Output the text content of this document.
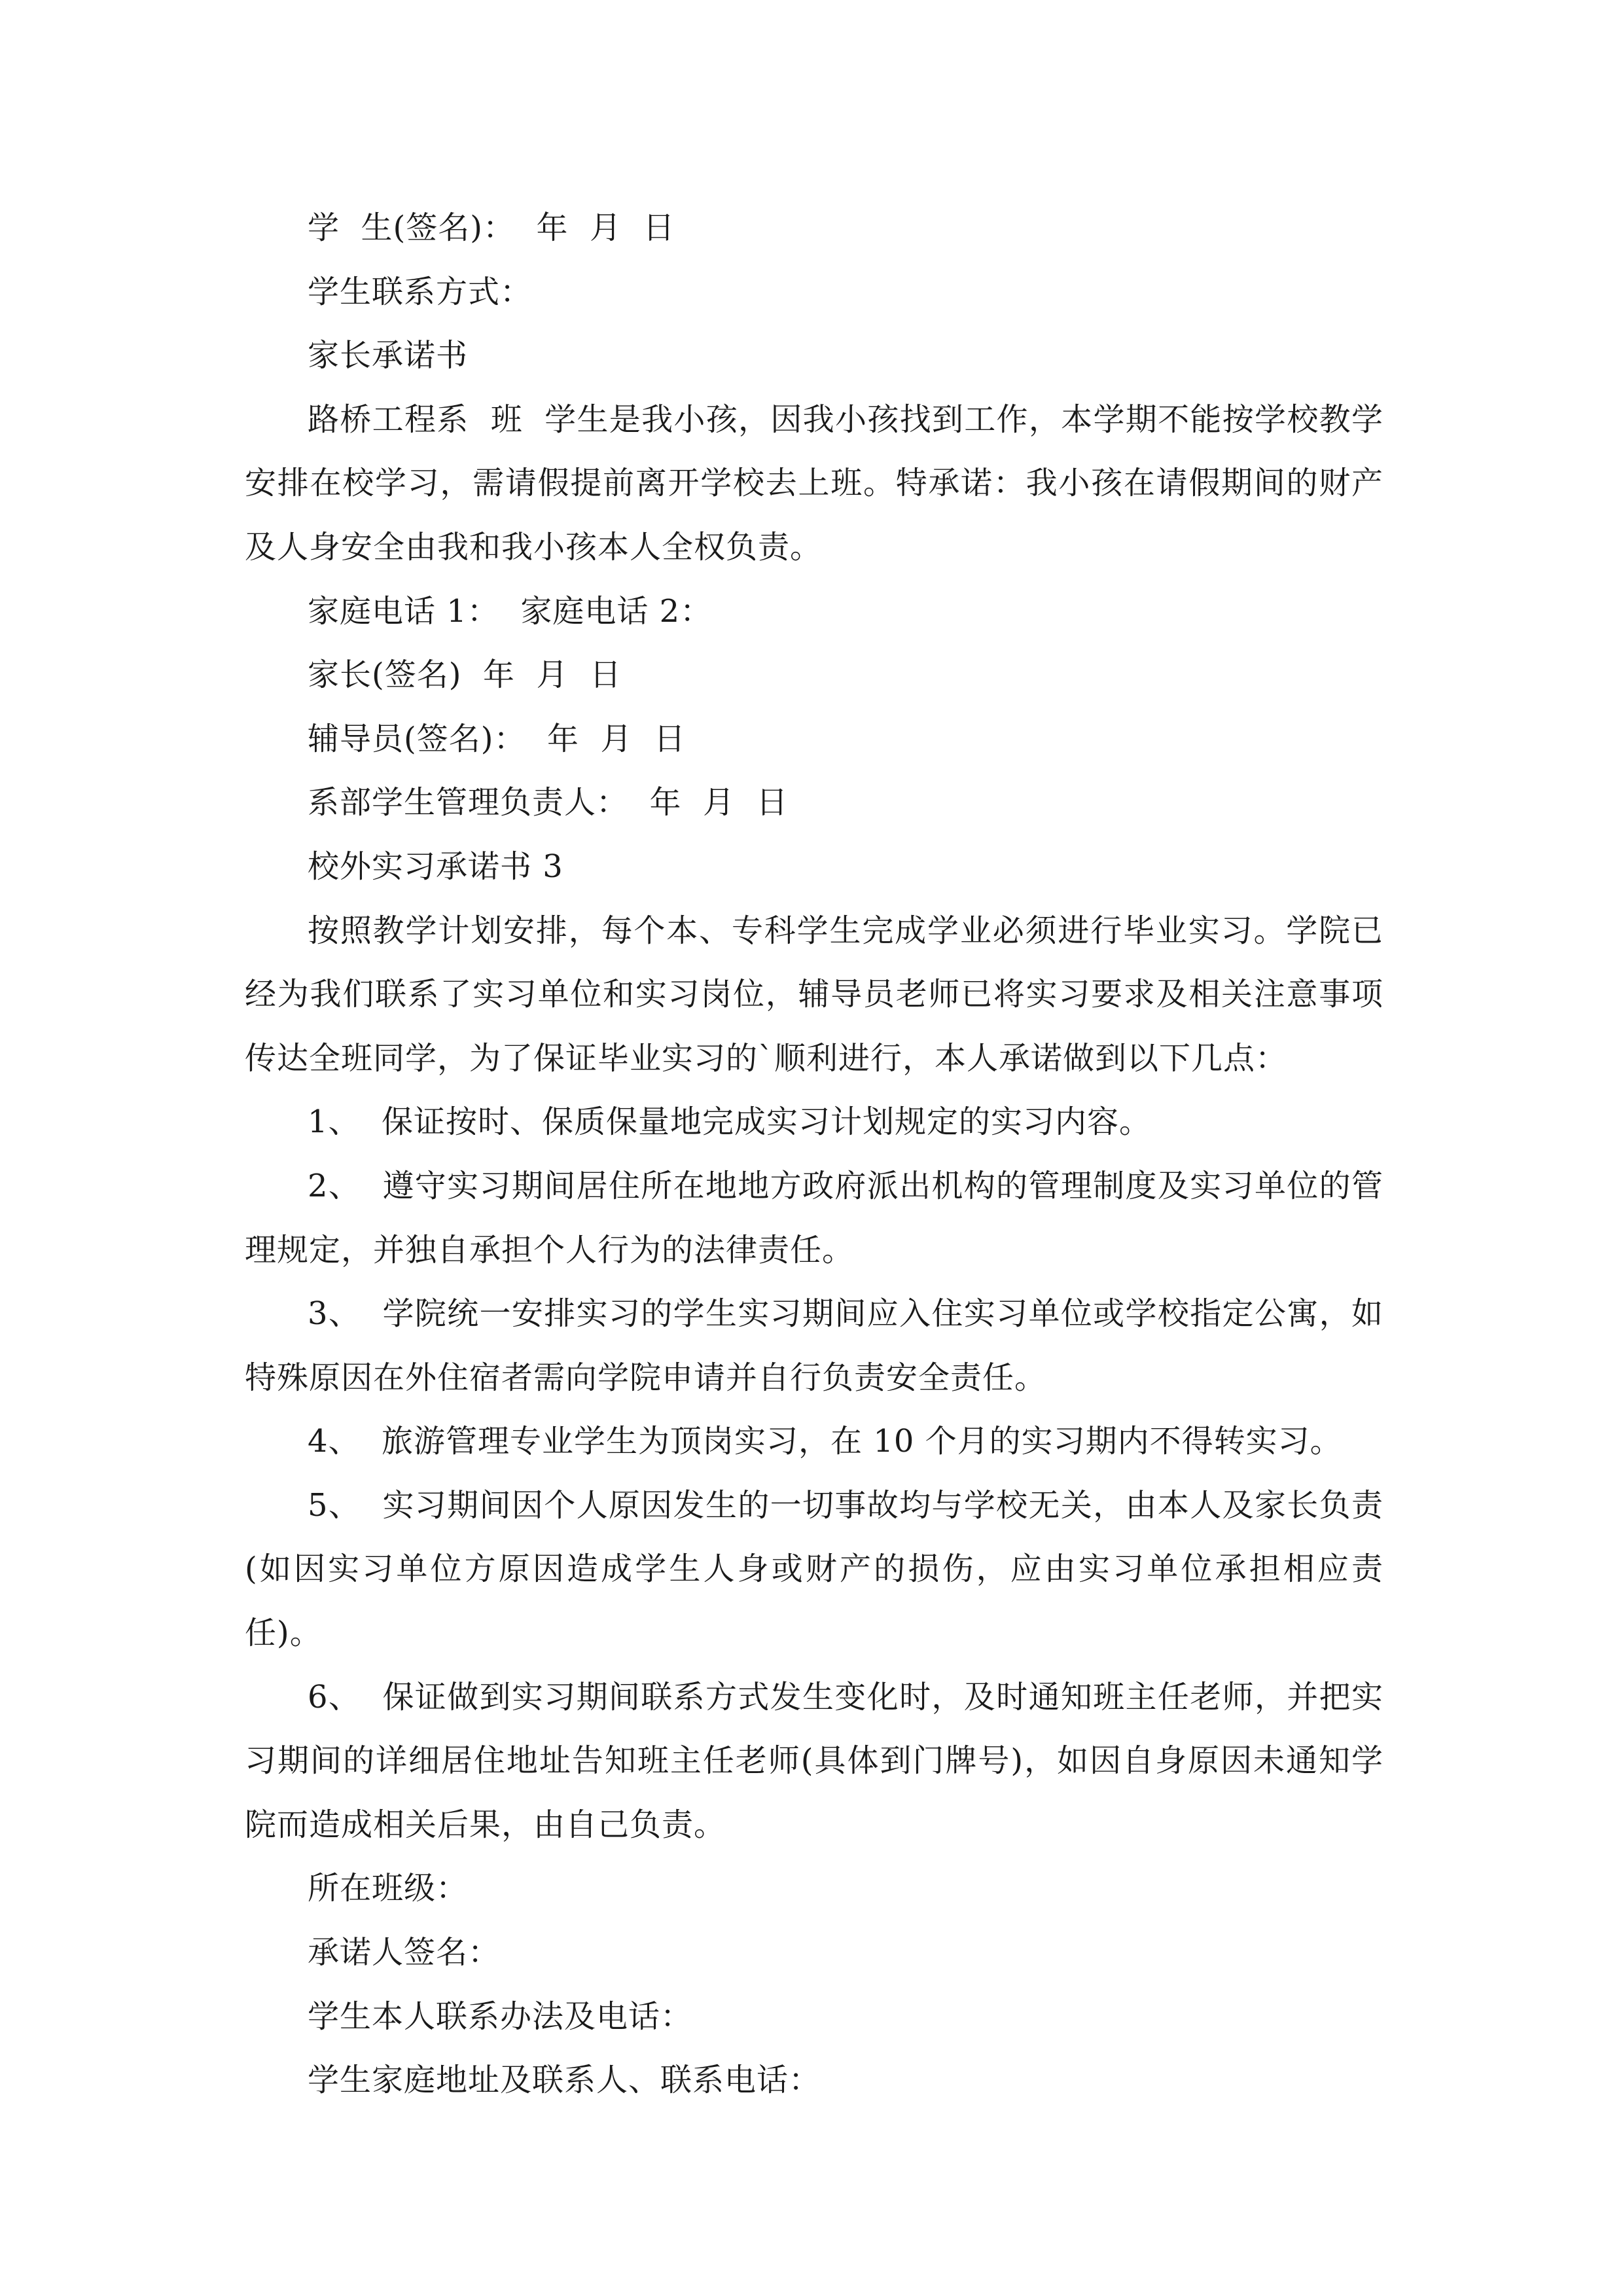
学  生(签名)：  年  月  日

学生联系方式：

家长承诺书

路桥工程系  班  学生是我小孩，因我小孩找到工作，本学期不能按学校教学安排在校学习，需请假提前离开学校去上班。特承诺：我小孩在请假期间的财产及人身安全由我和我小孩本人全权负责。

家庭电话 1：  家庭电话 2：

家长(签名)  年  月  日

辅导员(签名)：  年  月  日

系部学生管理负责人：  年  月  日

校外实习承诺书 3

按照教学计划安排，每个本、专科学生完成学业必须进行毕业实习。学院已经为我们联系了实习单位和实习岗位，辅导员老师已将实习要求及相关注意事项传达全班同学，为了保证毕业实习的`顺利进行，本人承诺做到以下几点：

1、  保证按时、保质保量地完成实习计划规定的实习内容。

2、  遵守实习期间居住所在地地方政府派出机构的管理制度及实习单位的管理规定，并独自承担个人行为的法律责任。

3、  学院统一安排实习的学生实习期间应入住实习单位或学校指定公寓，如特殊原因在外住宿者需向学院申请并自行负责安全责任。

4、  旅游管理专业学生为顶岗实习，在 10 个月的实习期内不得转实习。

5、  实习期间因个人原因发生的一切事故均与学校无关，由本人及家长负责(如因实习单位方原因造成学生人身或财产的损伤，应由实习单位承担相应责任)。

6、  保证做到实习期间联系方式发生变化时，及时通知班主任老师，并把实习期间的详细居住地址告知班主任老师(具体到门牌号)，如因自身原因未通知学院而造成相关后果，由自己负责。

所在班级：

承诺人签名：

学生本人联系办法及电话：

学生家庭地址及联系人、联系电话：
